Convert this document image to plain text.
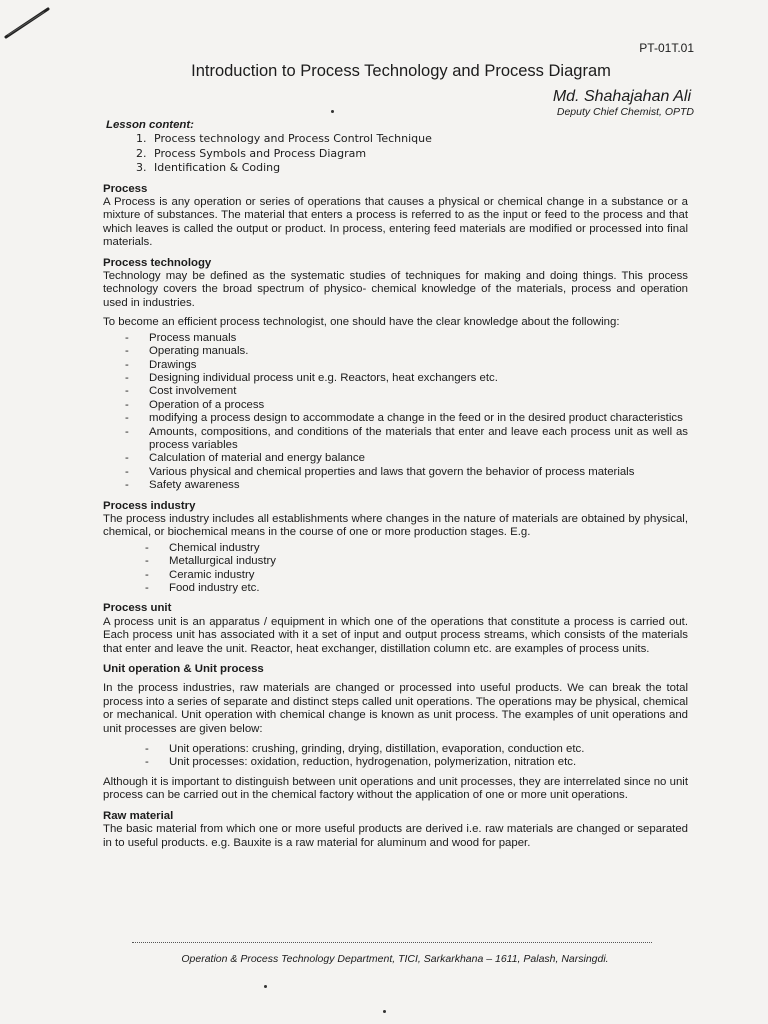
PT-01T.01
Introduction to Process Technology and Process Diagram
Md. Shahajahan Ali
Deputy Chief Chemist, OPTD
Lesson content:
1. Process technology and Process Control Technique
2. Process Symbols and Process Diagram
3. Identification & Coding
Process
A Process is any operation or series of operations that causes a physical or chemical change in a substance or a mixture of substances. The material that enters a process is referred to as the input or feed to the process and that which leaves is called the output or product. In process, entering feed materials are modified or processed into final materials.
Process technology
Technology may be defined as the systematic studies of techniques for making and doing things. This process technology covers the broad spectrum of physico- chemical knowledge of the materials, process and operation used in industries.
To become an efficient process technologist, one should have the clear knowledge about the following:
- Process manuals
- Operating manuals.
- Drawings
- Designing individual process unit e.g. Reactors, heat exchangers etc.
- Cost involvement
- Operation of a process
- modifying a process design to accommodate a change in the feed or in the desired product characteristics
- Amounts, compositions, and conditions of the materials that enter and leave each process unit as well as process variables
- Calculation of material and energy balance
- Various physical and chemical properties and laws that govern the behavior of process materials
- Safety awareness
Process industry
The process industry includes all establishments where changes in the nature of materials are obtained by physical, chemical, or biochemical means in the course of one or more production stages. E.g.
- Chemical industry
- Metallurgical industry
- Ceramic industry
- Food industry etc.
Process unit
A process unit is an apparatus / equipment in which one of the operations that constitute a process is carried out. Each process unit has associated with it a set of input and output process streams, which consists of the materials that enter and leave the unit. Reactor, heat exchanger, distillation column etc. are examples of process units.
Unit operation & Unit process
In the process industries, raw materials are changed or processed into useful products. We can break the total process into a series of separate and distinct steps called unit operations. The operations may be physical, chemical or mechanical. Unit operation with chemical change is known as unit process. The examples of unit operations and unit processes are given below:
- Unit operations: crushing, grinding, drying, distillation, evaporation, conduction etc.
- Unit processes: oxidation, reduction, hydrogenation, polymerization, nitration etc.
Although it is important to distinguish between unit operations and unit processes, they are interrelated since no unit process can be carried out in the chemical factory without the application of one or more unit operations.
Raw material
The basic material from which one or more useful products are derived i.e. raw materials are changed or separated in to useful products. e.g. Bauxite is a raw material for aluminum and wood for paper.
Operation & Process Technology Department, TICI, Sarkarkhana – 1611, Palash, Narsingdi.
